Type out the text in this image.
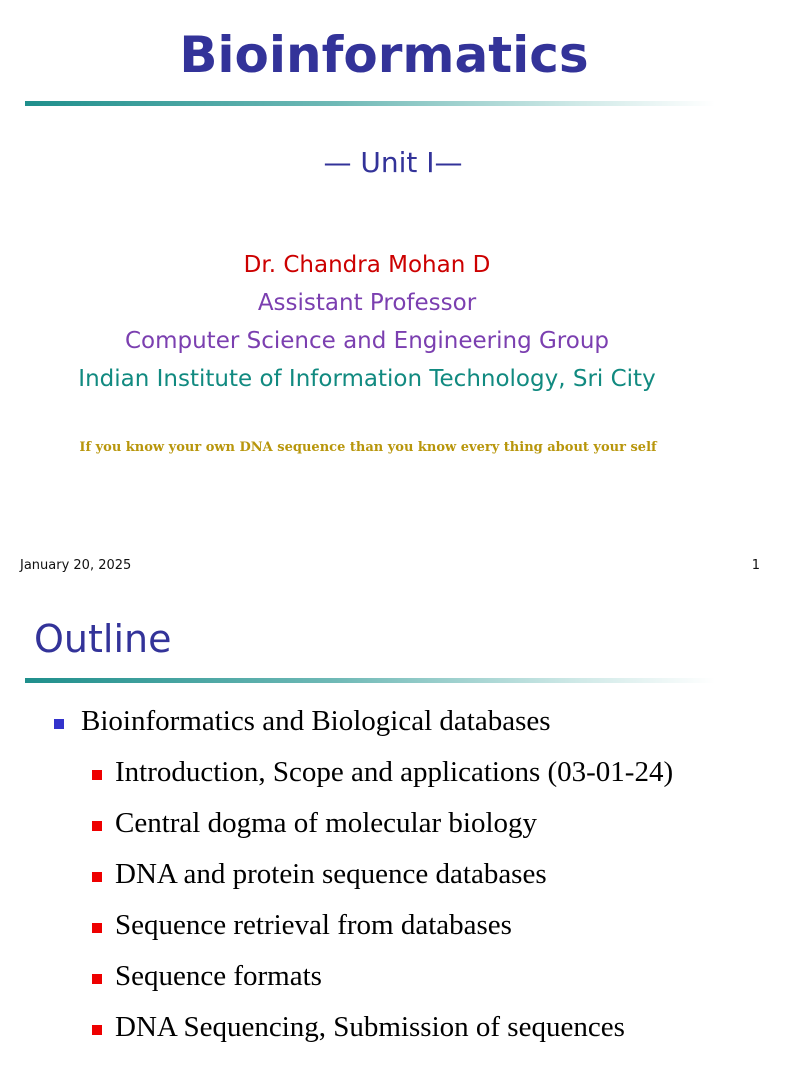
Bioinformatics
— Unit I—
Dr. Chandra Mohan D
Assistant Professor
Computer Science and Engineering Group
Indian Institute of Information Technology, Sri City
If you know your own DNA sequence than you know every thing about your self
January 20, 2025	1
Outline
Bioinformatics and Biological databases
Introduction, Scope and applications (03-01-24)
Central dogma of molecular biology
DNA and protein sequence databases
Sequence retrieval from databases
Sequence formats
DNA Sequencing, Submission of sequences
